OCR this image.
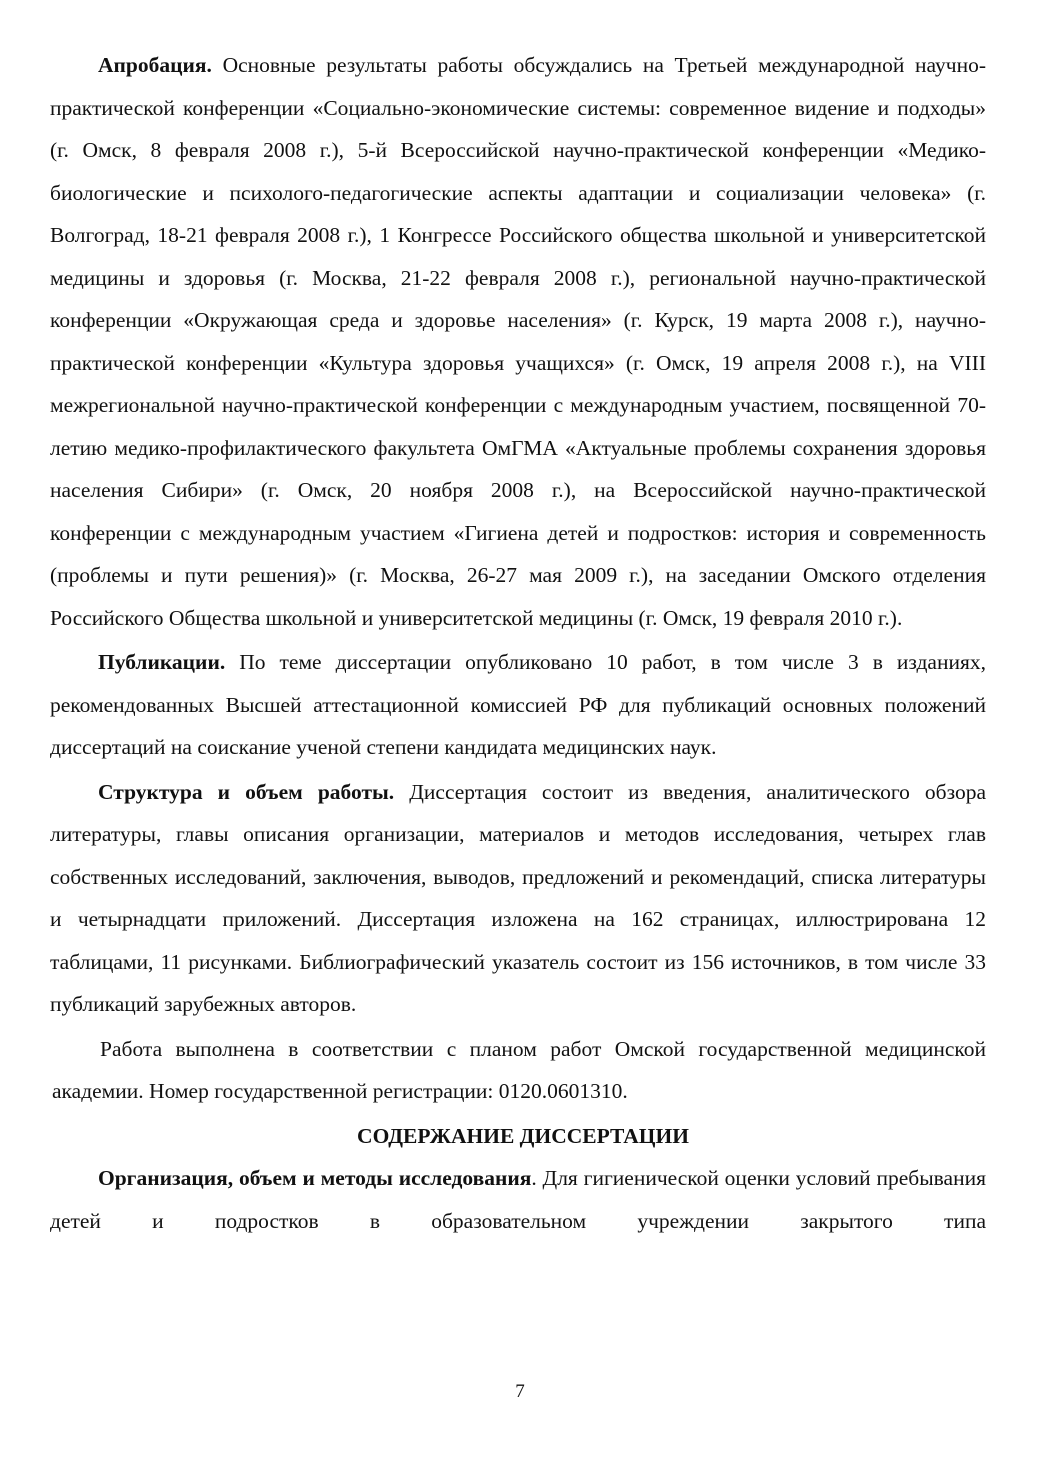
Апробация. Основные результаты работы обсуждались на Третьей международной научно-практической конференции «Социально-экономические системы: современное видение и подходы» (г. Омск, 8 февраля 2008 г.), 5-й Всероссийской научно-практической конференции «Медико-биологические и психолого-педагогические аспекты адаптации и социализации человека» (г. Волгоград, 18-21 февраля 2008 г.), 1 Конгрессе Российского общества школьной и университетской медицины и здоровья (г. Москва, 21-22 февраля 2008 г.), региональной научно-практической конференции «Окружающая среда и здоровье населения» (г. Курск, 19 марта 2008 г.), научно-практической конференции «Культура здоровья учащихся» (г. Омск, 19 апреля 2008 г.), на VIII межрегиональной научно-практической конференции с международным участием, посвященной 70-летию медико-профилактического факультета ОмГМА «Актуальные проблемы сохранения здоровья населения Сибири» (г. Омск, 20 ноября 2008 г.), на Всероссийской научно-практической конференции с международным участием «Гигиена детей и подростков: история и современность (проблемы и пути решения)» (г. Москва, 26-27 мая 2009 г.), на заседании Омского отделения Российского Общества школьной и университетской медицины (г. Омск, 19 февраля 2010 г.).

Публикации. По теме диссертации опубликовано 10 работ, в том числе 3 в изданиях, рекомендованных Высшей аттестационной комиссией РФ для публикаций основных положений диссертаций на соискание ученой степени кандидата медицинских наук.

Структура и объем работы. Диссертация состоит из введения, аналитического обзора литературы, главы описания организации, материалов и методов исследования, четырех глав собственных исследований, заключения, выводов, предложений и рекомендаций, списка литературы и четырнадцати приложений. Диссертация изложена на 162 страницах, иллюстрирована 12 таблицами, 11 рисунками. Библиографический указатель состоит из 156 источников, в том числе 33 публикаций зарубежных авторов.

Работа выполнена в соответствии с планом работ Омской государственной медицинской академии. Номер государственной регистрации: 0120.0601310.

СОДЕРЖАНИЕ ДИССЕРТАЦИИ

Организация, объем и методы исследования. Для гигиенической оценки условий пребывания детей и подростков в образовательном учреждении закрытого типа

7
